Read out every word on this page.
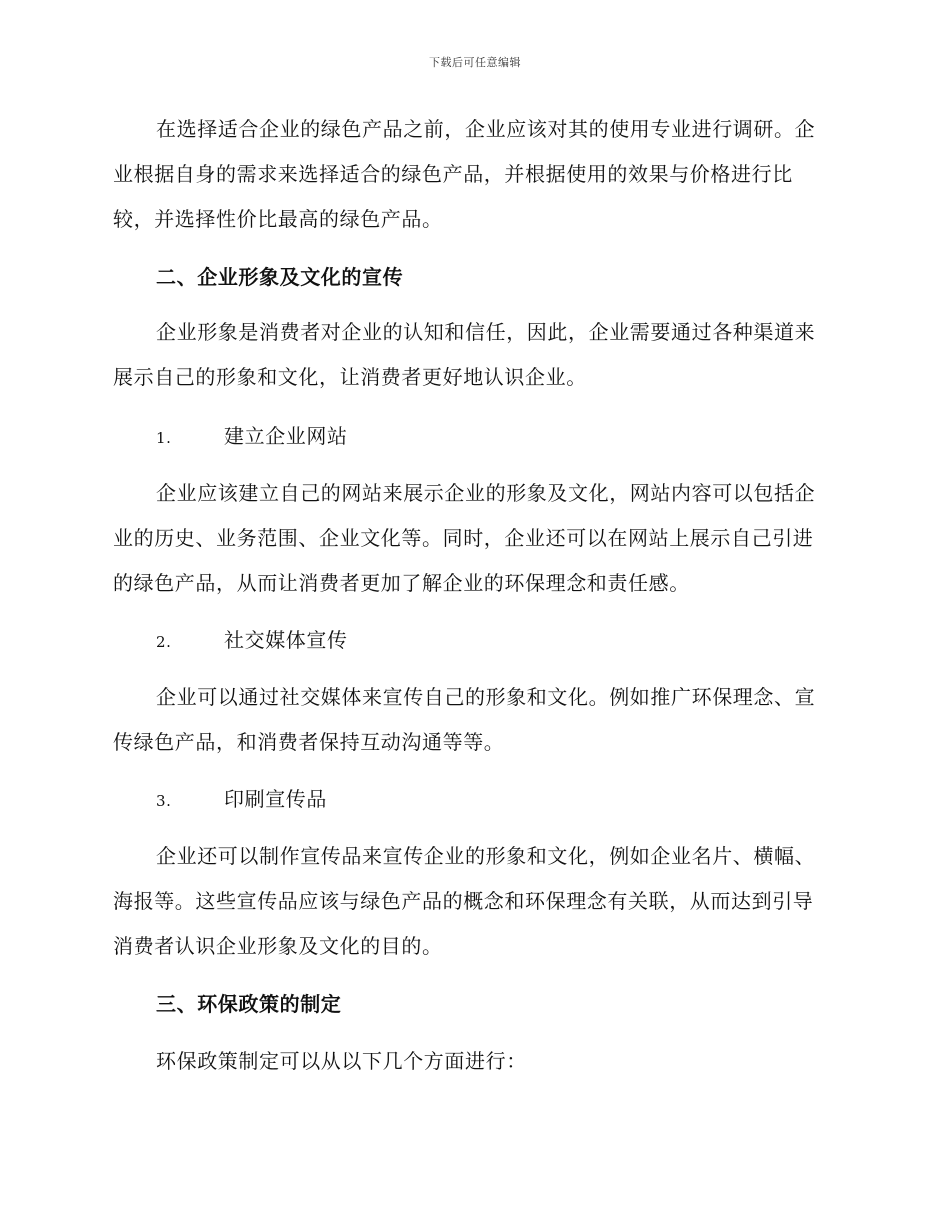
下载后可任意编辑
在选择适合企业的绿色产品之前，企业应该对其的使用专业进行调研。企业根据自身的需求来选择适合的绿色产品，并根据使用的效果与价格进行比较，并选择性价比最高的绿色产品。
二、企业形象及文化的宣传
企业形象是消费者对企业的认知和信任，因此，企业需要通过各种渠道来展示自己的形象和文化，让消费者更好地认识企业。
1.	建立企业网站
企业应该建立自己的网站来展示企业的形象及文化，网站内容可以包括企业的历史、业务范围、企业文化等。同时，企业还可以在网站上展示自己引进的绿色产品，从而让消费者更加了解企业的环保理念和责任感。
2.	社交媒体宣传
企业可以通过社交媒体来宣传自己的形象和文化。例如推广环保理念、宣传绿色产品，和消费者保持互动沟通等等。
3.	印刷宣传品
企业还可以制作宣传品来宣传企业的形象和文化，例如企业名片、横幅、海报等。这些宣传品应该与绿色产品的概念和环保理念有关联，从而达到引导消费者认识企业形象及文化的目的。
三、环保政策的制定
环保政策制定可以从以下几个方面进行：
